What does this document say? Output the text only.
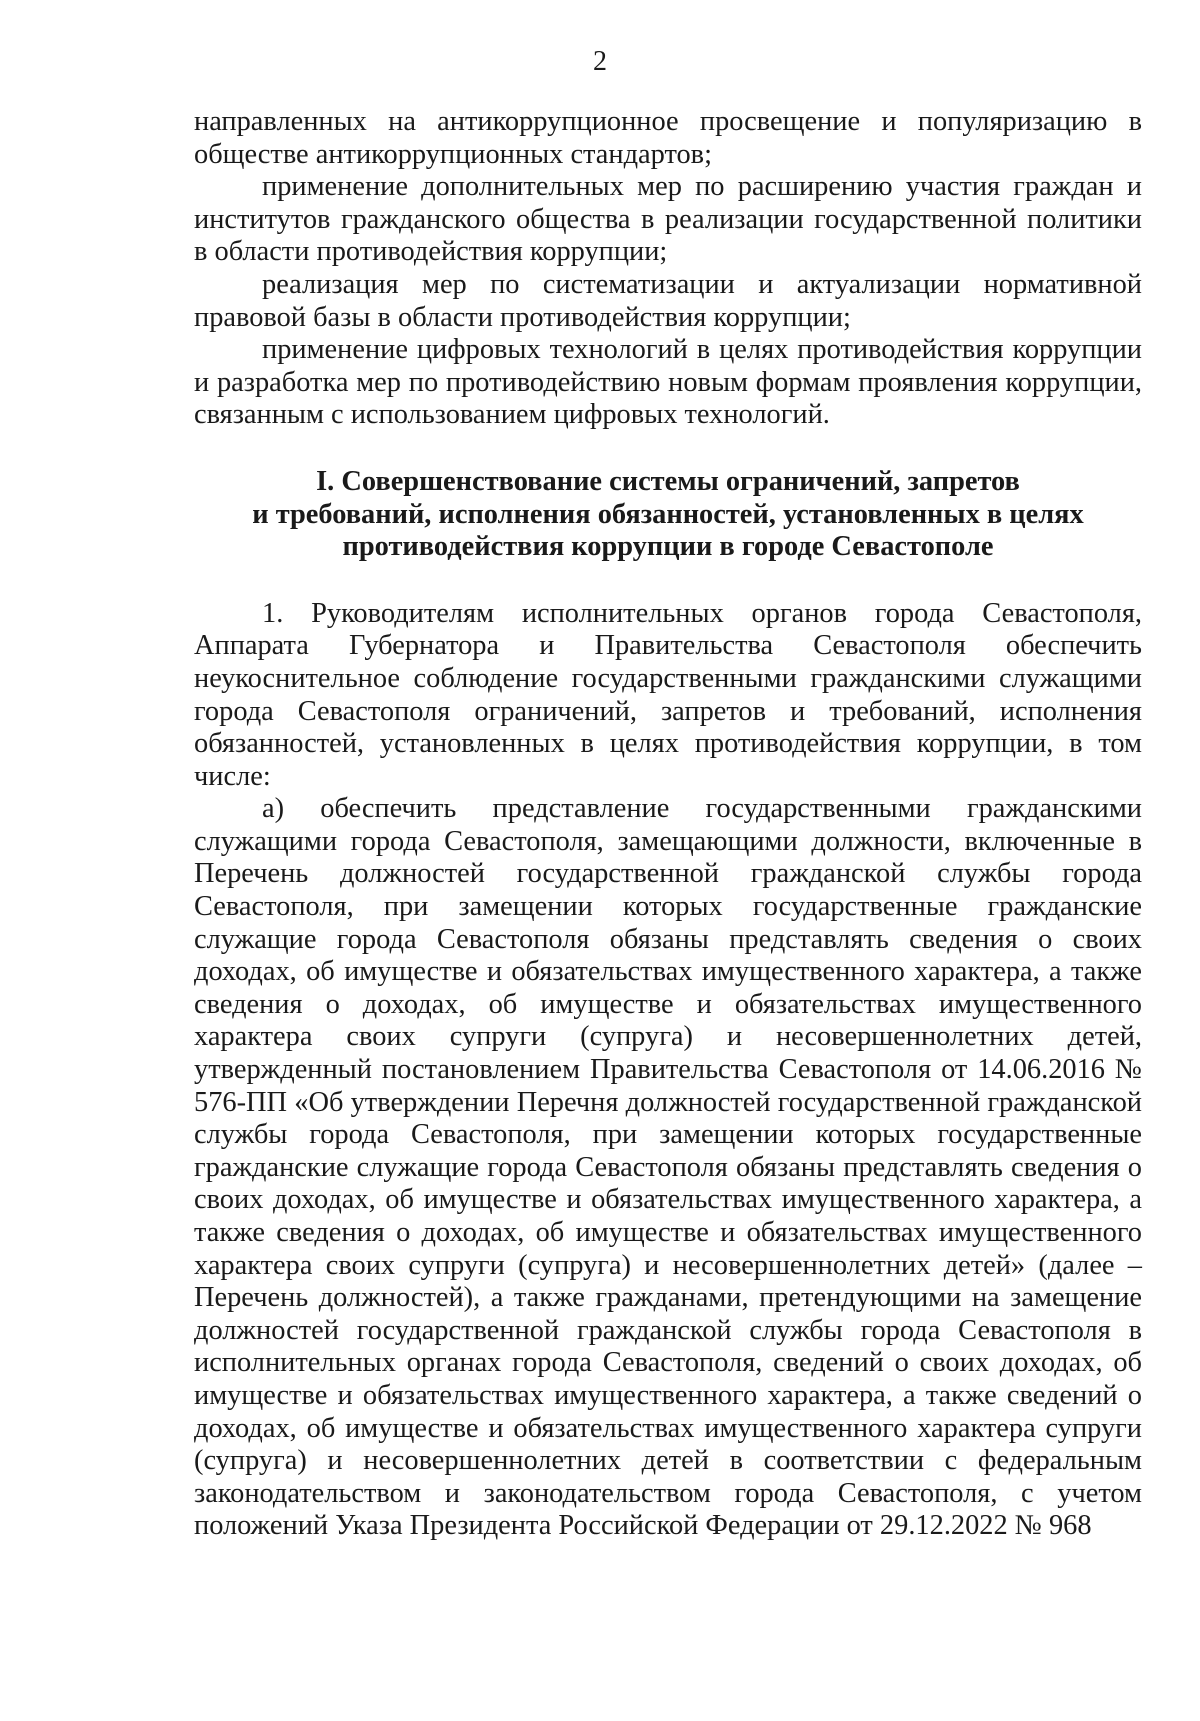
2

направленных на антикоррупционное просвещение и популяризацию в обществе антикоррупционных стандартов;

применение дополнительных мер по расширению участия граждан и институтов гражданского общества в реализации государственной политики в области противодействия коррупции;

реализация мер по систематизации и актуализации нормативной правовой базы в области противодействия коррупции;

применение цифровых технологий в целях противодействия коррупции и разработка мер по противодействию новым формам проявления коррупции, связанным с использованием цифровых технологий.

I. Совершенствование системы ограничений, запретов
и требований, исполнения обязанностей, установленных в целях
противодействия коррупции в городе Севастополе

1. Руководителям исполнительных органов города Севастополя, Аппарата Губернатора и Правительства Севастополя обеспечить неукоснительное соблюдение государственными гражданскими служащими города Севастополя ограничений, запретов и требований, исполнения обязанностей, установленных в целях противодействия коррупции, в том числе:

а) обеспечить представление государственными гражданскими служащими города Севастополя, замещающими должности, включенные в Перечень должностей государственной гражданской службы города Севастополя, при замещении которых государственные гражданские служащие города Севастополя обязаны представлять сведения о своих доходах, об имуществе и обязательствах имущественного характера, а также сведения о доходах, об имуществе и обязательствах имущественного характера своих супруги (супруга) и несовершеннолетних детей, утвержденный постановлением Правительства Севастополя от 14.06.2016 № 576-ПП «Об утверждении Перечня должностей государственной гражданской службы города Севастополя, при замещении которых государственные гражданские служащие города Севастополя обязаны представлять сведения о своих доходах, об имуществе и обязательствах имущественного характера, а также сведения о доходах, об имуществе и обязательствах имущественного характера своих супруги (супруга) и несовершеннолетних детей» (далее – Перечень должностей), а также гражданами, претендующими на замещение должностей государственной гражданской службы города Севастополя в исполнительных органах города Севастополя, сведений о своих доходах, об имуществе и обязательствах имущественного характера, а также сведений о доходах, об имуществе и обязательствах имущественного характера супруги (супруга) и несовершеннолетних детей в соответствии с федеральным законодательством и законодательством города Севастополя, с учетом положений Указа Президента Российской Федерации от 29.12.2022 № 968
